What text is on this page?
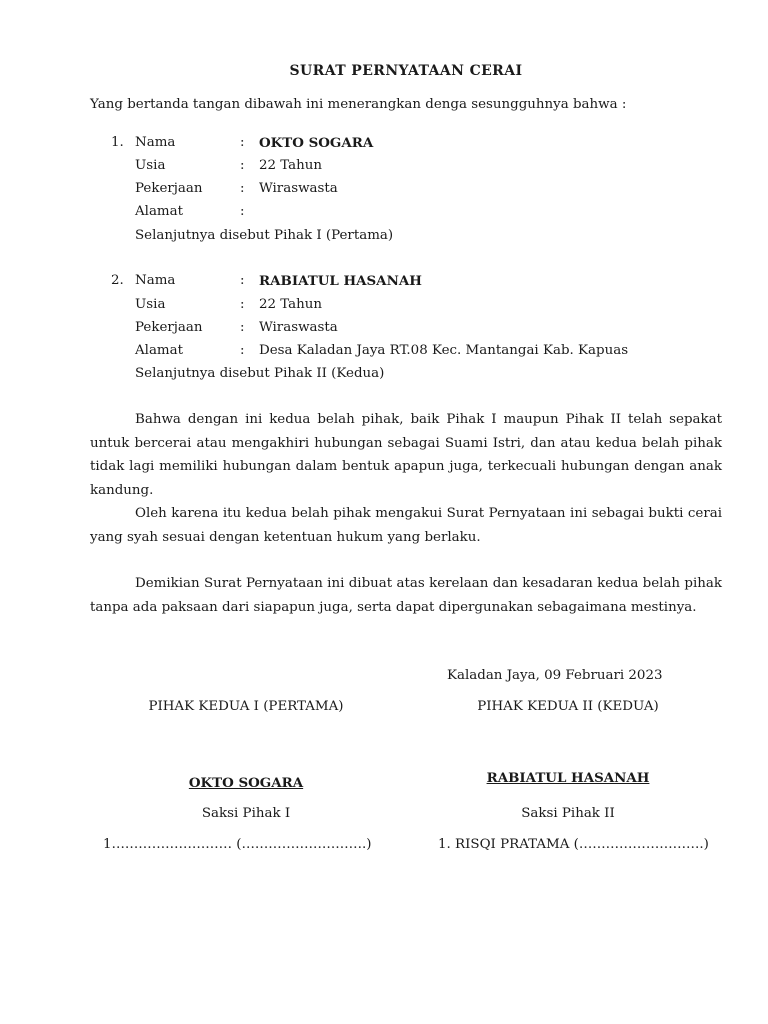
SURAT PERNYATAAN CERAI
Yang bertanda tangan dibawah ini menerangkan denga sesungguhnya bahwa :
1. Nama	: OKTO SOGARA
Usia	: 22 Tahun
Pekerjaan	: Wiraswasta
Alamat	:
Selanjutnya disebut Pihak I (Pertama)
2. Nama	: RABIATUL HASANAH
Usia	: 22 Tahun
Pekerjaan	: Wiraswasta
Alamat	: Desa Kaladan Jaya RT.08 Kec. Mantangai Kab. Kapuas
Selanjutnya disebut Pihak II (Kedua)
Bahwa dengan ini kedua belah pihak, baik Pihak I maupun Pihak II telah sepakat untuk bercerai atau mengakhiri hubungan sebagai Suami Istri, dan atau kedua belah pihak tidak lagi memiliki hubungan dalam bentuk apapun juga, terkecuali hubungan dengan anak kandung.
Oleh karena itu kedua belah pihak mengakui Surat Pernyataan ini sebagai bukti cerai yang syah sesuai dengan ketentuan hukum yang berlaku.
Demikian Surat Pernyataan ini dibuat atas kerelaan dan kesadaran kedua belah pihak tanpa ada paksaan dari siapapun juga, serta dapat dipergunakan sebagaimana mestinya.
Kaladan Jaya, 09 Februari 2023
PIHAK KEDUA I (PERTAMA)	PIHAK KEDUA II (KEDUA)
OKTO SOGARA	RABIATUL HASANAH
Saksi Pihak I	Saksi Pihak II
1……………………… (……………………….)	1. RISQI PRATAMA (……………………….)
